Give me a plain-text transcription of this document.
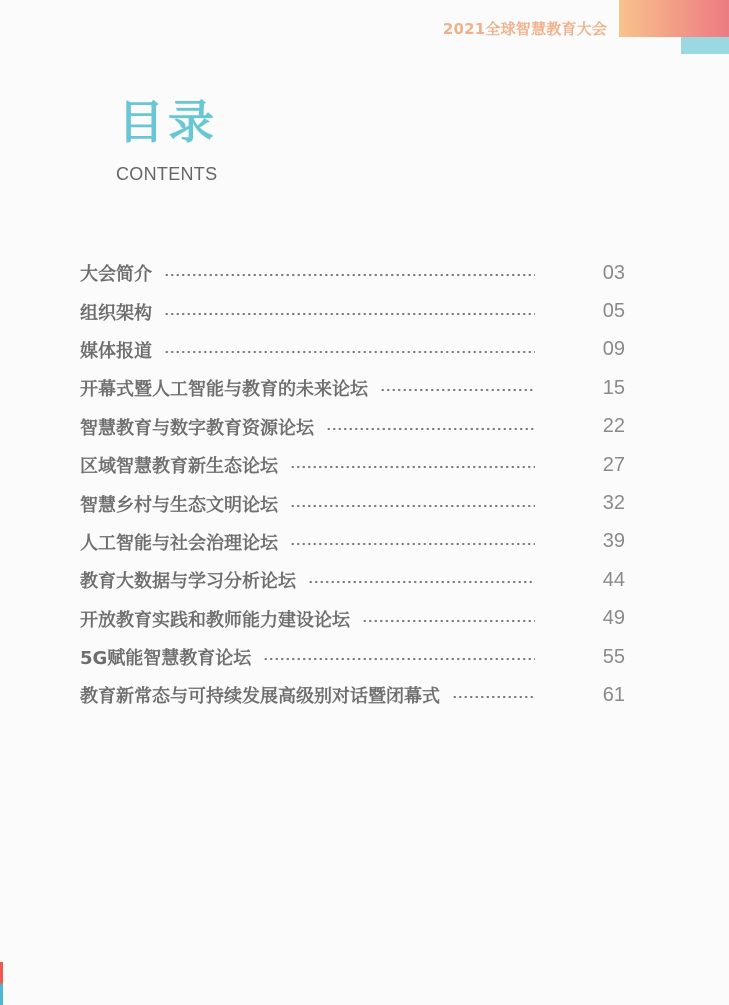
2021全球智慧教育大会
目录
CONTENTS
大会简介	03
组织架构	05
媒体报道	09
开幕式暨人工智能与教育的未来论坛	15
智慧教育与数字教育资源论坛	22
区域智慧教育新生态论坛	27
智慧乡村与生态文明论坛	32
人工智能与社会治理论坛	39
教育大数据与学习分析论坛	44
开放教育实践和教师能力建设论坛	49
5G赋能智慧教育论坛	55
教育新常态与可持续发展高级别对话暨闭幕式	61
